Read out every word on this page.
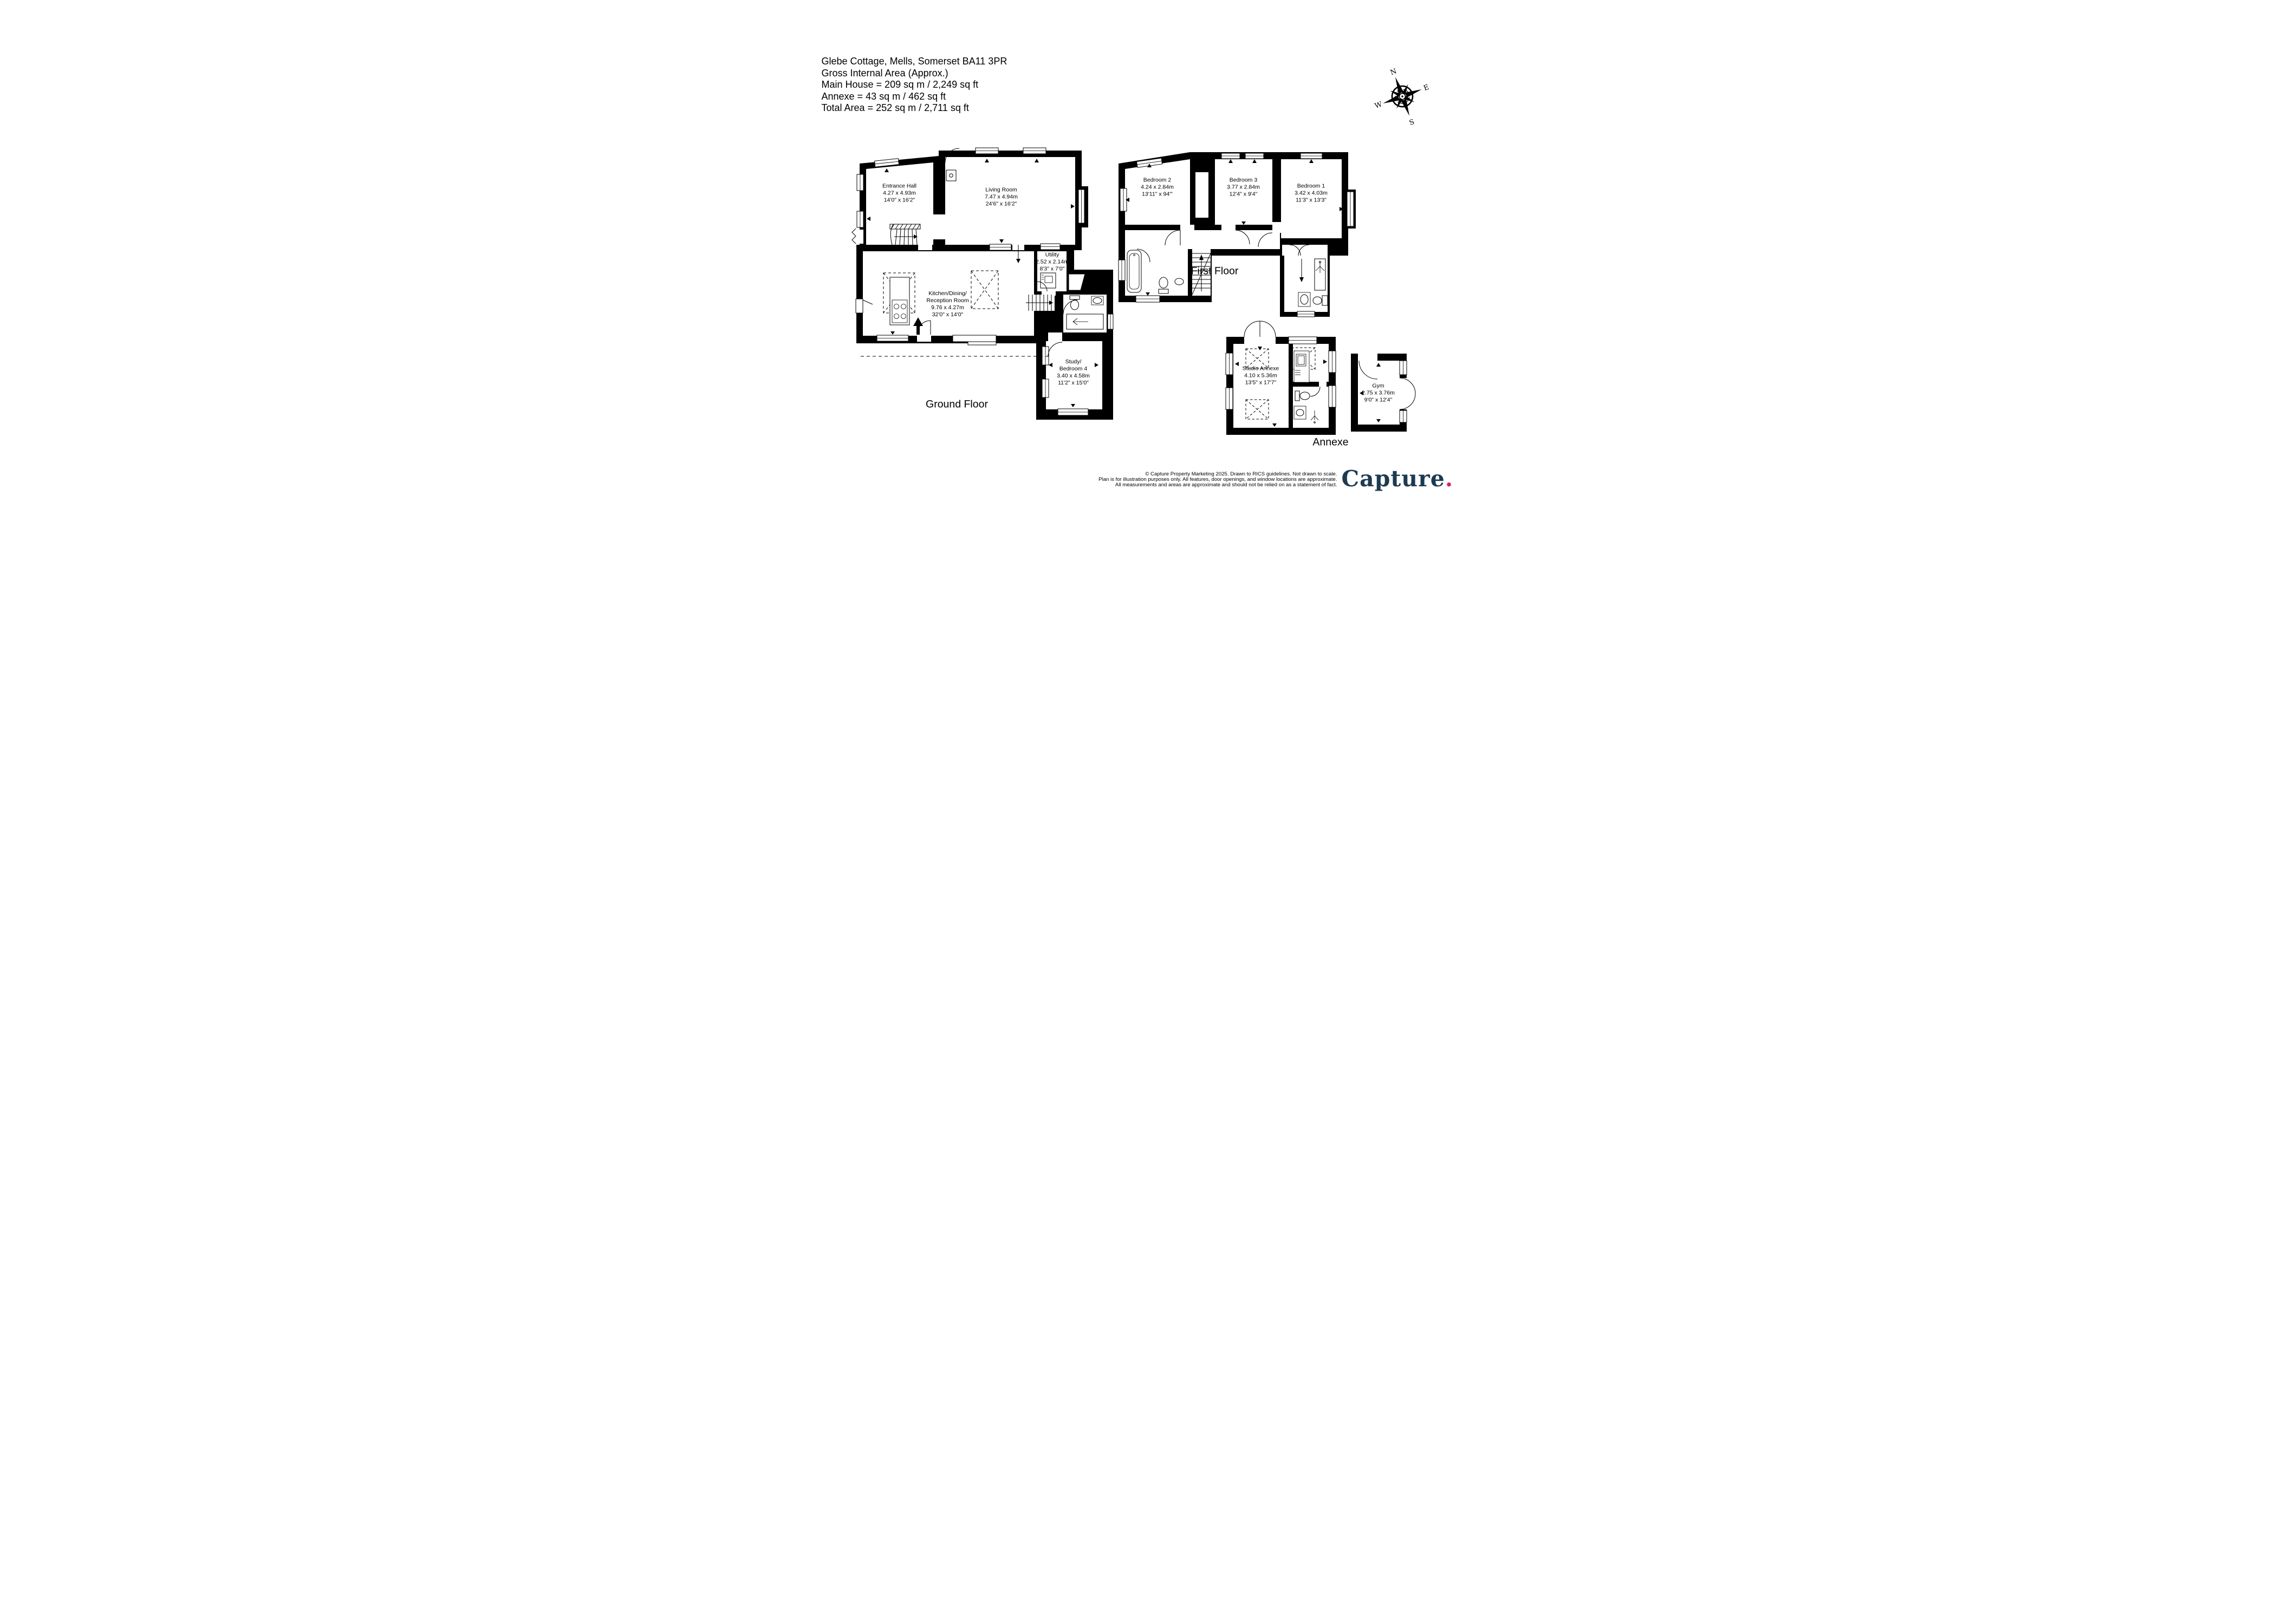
N
E
S
W
Glebe Cottage, Mells, Somerset BA11 3PR
Gross Internal Area (Approx.)
Main House = 209 sq m / 2,249 sq ft
Annexe = 43 sq m / 462 sq ft
Total Area = 252 sq m / 2,711 sq ft
Entrance Hall
4.27 x 4.93m
14'0" x 16'2"
Living Room
7.47 x 4.94m
24'6" x 16'2"
Kitchen/Dining/
Reception Room
9.76 x 4.27m
32'0" x 14'0"
Utility
2.52 x 2.14m
8'3" x 7'0"
Study/
Bedroom 4
3.40 x 4.58m
11'2" x 15'0"
Bedroom 2
4.24 x 2.84m
13'11" x 94'"
Bedroom 3
3.77 x 2.84m
12'4" x 9'4"
Bedroom 1
3.42 x 4.03m
11'3" x 13'3"
Studio Annexe
4.10 x 5.36m
13'5" x 17'7"	Gym
2.75 x 3.76m
9'0" x 12'4"
Ground Floor
First Floor
Annexe
© Capture Property Marketing 2025. Drawn to RICS guidelines. Not drawn to scale.
Plan is for illustration purposes only. All features, door openings, and window locations are approximate.
All measurements and areas are approximate and should not be relied on as a statement of fact. Capture.
